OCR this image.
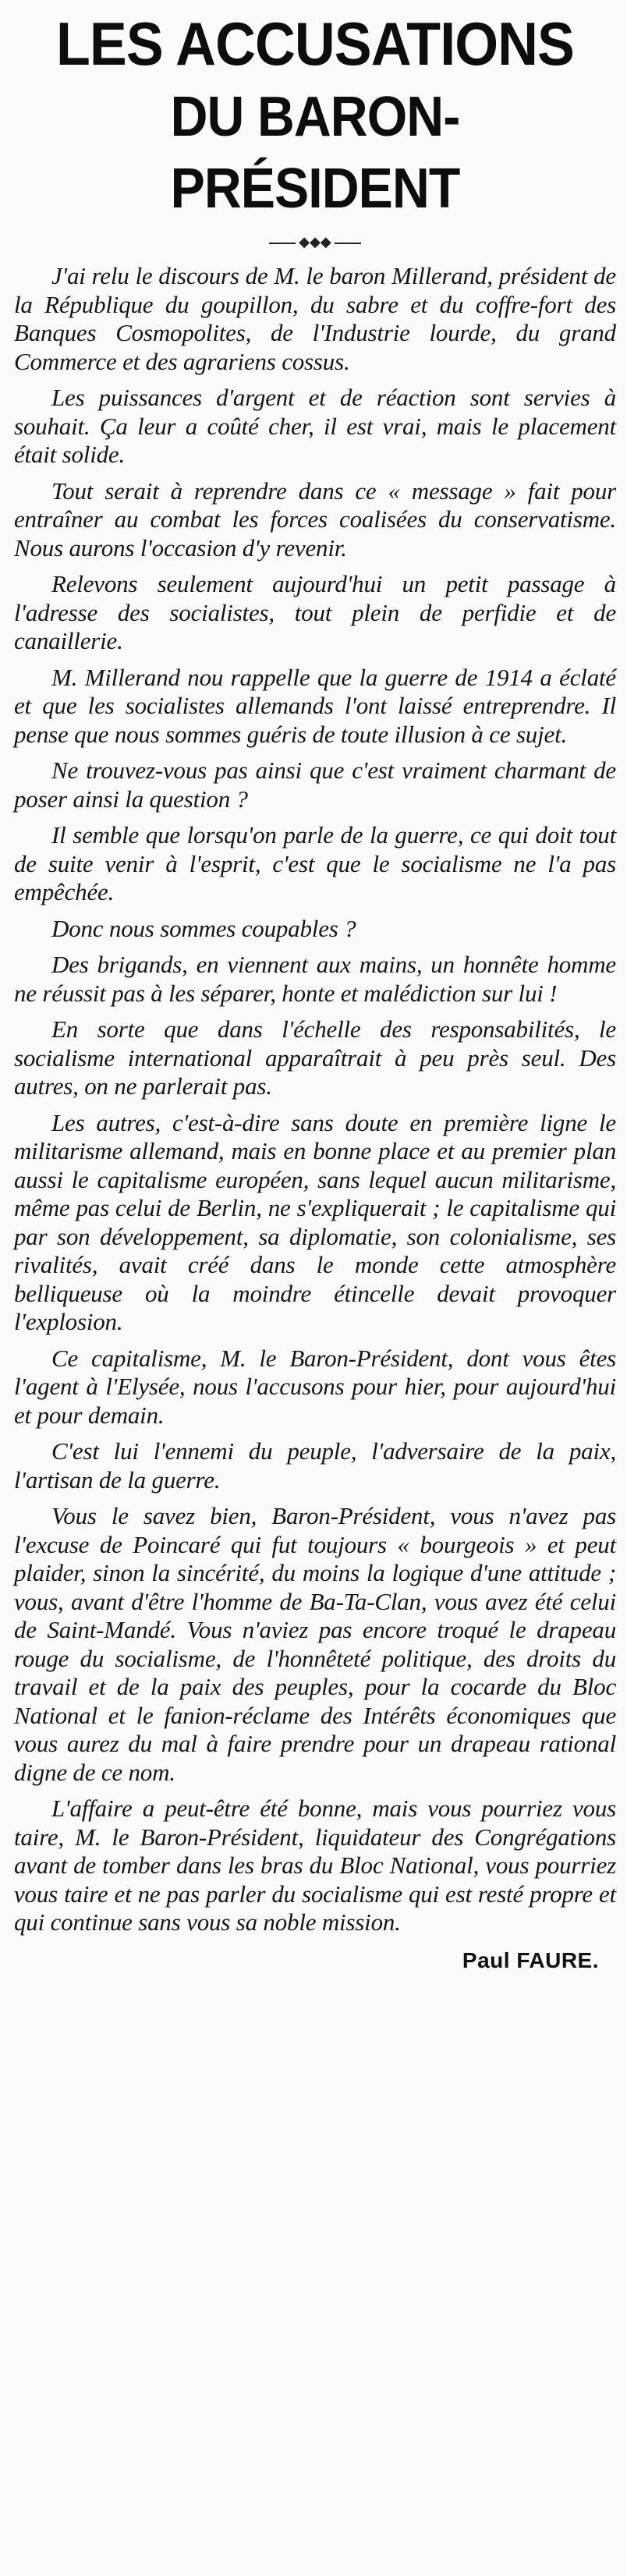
LES ACCUSATIONS
DU BARON-PRÉSIDENT
◆◆◆

J'ai relu le discours de M. le baron Millerand, président de la République du goupillon, du sabre et du coffre-fort des Banques Cosmopolites, de l'Industrie lourde, du grand Commerce et des agrariens cossus.

Les puissances d'argent et de réaction sont servies à souhait. Ça leur a coûté cher, il est vrai, mais le placement était solide.

Tout serait à reprendre dans ce « message » fait pour entraîner au combat les forces coalisées du conservatisme. Nous aurons l'occasion d'y revenir.

Relevons seulement aujourd'hui un petit passage à l'adresse des socialistes, tout plein de perfidie et de canaillerie.

M. Millerand nou rappelle que la guerre de 1914 a éclaté et que les socialistes allemands l'ont laissé entreprendre. Il pense que nous sommes guéris de toute illusion à ce sujet.

Ne trouvez-vous pas ainsi que c'est vraiment charmant de poser ainsi la question ?

Il semble que lorsqu'on parle de la guerre, ce qui doit tout de suite venir à l'esprit, c'est que le socialisme ne l'a pas empêchée.

Donc nous sommes coupables ?

Des brigands, en viennent aux mains, un honnête homme ne réussit pas à les séparer, honte et malédiction sur lui !

En sorte que dans l'échelle des responsabilités, le socialisme international apparaîtrait à peu près seul. Des autres, on ne parlerait pas.

Les autres, c'est-à-dire sans doute en première ligne le militarisme allemand, mais en bonne place et au premier plan aussi le capitalisme européen, sans lequel aucun militarisme, même pas celui de Berlin, ne s'expliquerait ; le capitalisme qui par son développement, sa diplomatie, son colonialisme, ses rivalités, avait créé dans le monde cette atmosphère belliqueuse où la moindre étincelle devait provoquer l'explosion.

Ce capitalisme, M. le Baron-Président, dont vous êtes l'agent à l'Elysée, nous l'accusons pour hier, pour aujourd'hui et pour demain.

C'est lui l'ennemi du peuple, l'adversaire de la paix, l'artisan de la guerre.

Vous le savez bien, Baron-Président, vous n'avez pas l'excuse de Poincaré qui fut toujours « bourgeois » et peut plaider, sinon la sincérité, du moins la logique d'une attitude ; vous, avant d'être l'homme de Ba-Ta-Clan, vous avez été celui de Saint-Mandé. Vous n'aviez pas encore troqué le drapeau rouge du socialisme, de l'honnêteté politique, des droits du travail et de la paix des peuples, pour la cocarde du Bloc National et le fanion-réclame des Intérêts économiques que vous aurez du mal à faire prendre pour un drapeau rational digne de ce nom.

L'affaire a peut-être été bonne, mais vous pourriez vous taire, M. le Baron-Président, liquidateur des Congrégations avant de tomber dans les bras du Bloc National, vous pourriez vous taire et ne pas parler du socialisme qui est resté propre et qui continue sans vous sa noble mission.

Paul FAURE.
